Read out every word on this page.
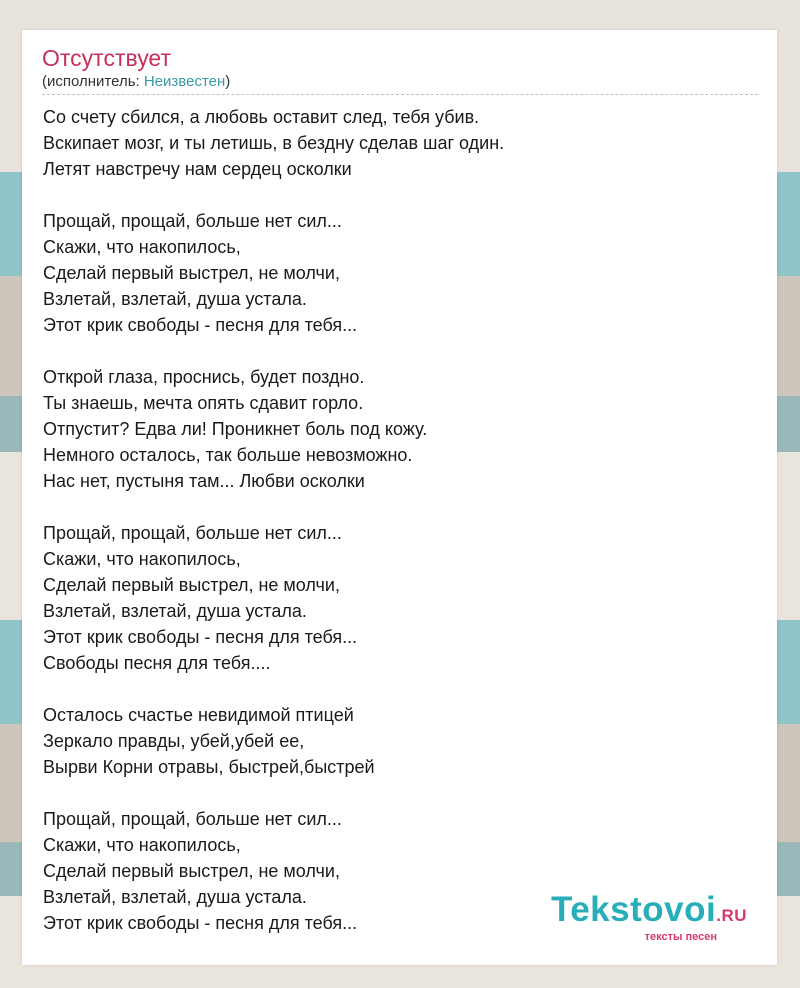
Отсутствует
(исполнитель: Неизвестен)
Со счету сбился, а любовь оставит след, тебя убив.
Вскипает мозг, и ты летишь, в бездну сделав шаг один.
Летят навстречу нам сердец осколки
Прощай, прощай, больше нет сил...
Скажи, что накопилось,
Сделай первый выстрел, не молчи,
Взлетай, взлетай, душа устала.
Этот крик свободы - песня для тебя...
Открой глаза, проснись, будет поздно.
Ты знаешь, мечта опять сдавит горло.
Отпустит? Едва ли! Проникнет боль под кожу.
Немного осталось, так больше невозможно.
Нас нет, пустыня там... Любви осколки
Прощай, прощай, больше нет сил...
Скажи, что накопилось,
Сделай первый выстрел, не молчи,
Взлетай, взлетай, душа устала.
Этот крик свободы - песня для тебя...
Свободы песня для тебя....
Осталось счастье невидимой птицей
Зеркало правды, убей,убей ее,
Вырви Корни отравы, быстрей,быстрей
Прощай, прощай, больше нет сил...
Скажи, что накопилось,
Сделай первый выстрел, не молчи,
Взлетай, взлетай, душа устала.
Этот крик свободы - песня для тебя...	Tekstovoi.RU
тексты песен
